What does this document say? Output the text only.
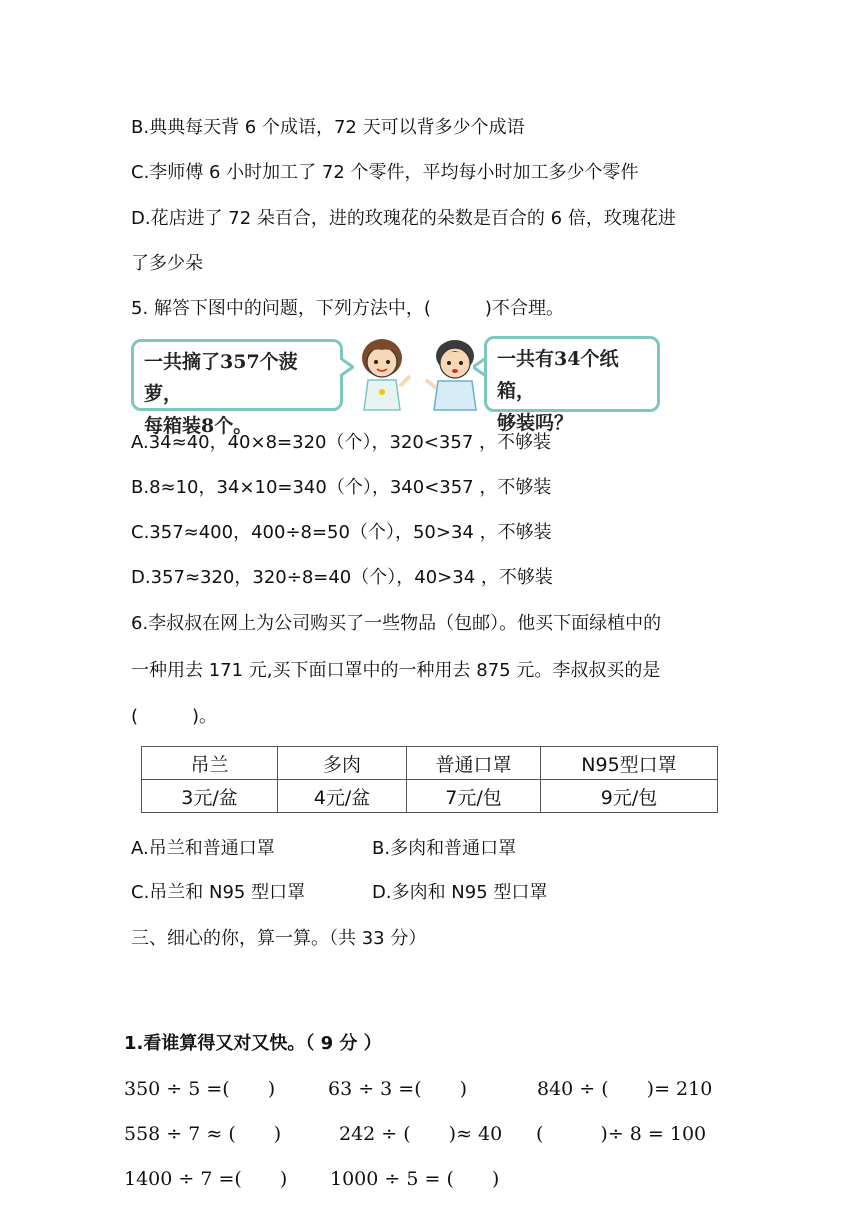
B.典典每天背 6 个成语，72 天可以背多少个成语
C.李师傅 6 小时加工了 72 个零件，平均每小时加工多少个零件
D.花店进了 72 朵百合，进的玫瑰花的朵数是百合的 6 倍，玫瑰花进
了多少朵
5. 解答下图中的问题，下列方法中，(　　　)不合理。
一共摘了357个菠萝，
每箱装8个。
一共有34个纸箱，
够装吗？
A.34≈40，40×8=320（个），320<357 ，不够装
B.8≈10，34×10=340（个），340<357 ，不够装
C.357≈400，400÷8=50（个），50>34 ，不够装
D.357≈320，320÷8=40（个），40>34 ，不够装
6.李叔叔在网上为公司购买了一些物品（包邮）。他买下面绿植中的
一种用去 171 元,买下面口罩中的一种用去 875 元。李叔叔买的是
(　　　)。
吊兰	多肉	普通口罩	N95型口罩
3元/盆	4元/盆	7元/包	9元/包
A.吊兰和普通口罩	B.多肉和普通口罩
C.吊兰和 N95 型口罩	D.多肉和 N95 型口罩
三、细心的你，算一算。（共 33 分）
1.看谁算得又对又快。（ 9 分 ）
350 ÷ 5 =(　　)	63 ÷ 3 =(　　)	840 ÷ (　　)= 210
558 ÷ 7 ≈ (　　)	242 ÷ (　　)≈ 40 (　　　)÷ 8 = 100
1400 ÷ 7 =(　　) 1000 ÷ 5 = (　　)
